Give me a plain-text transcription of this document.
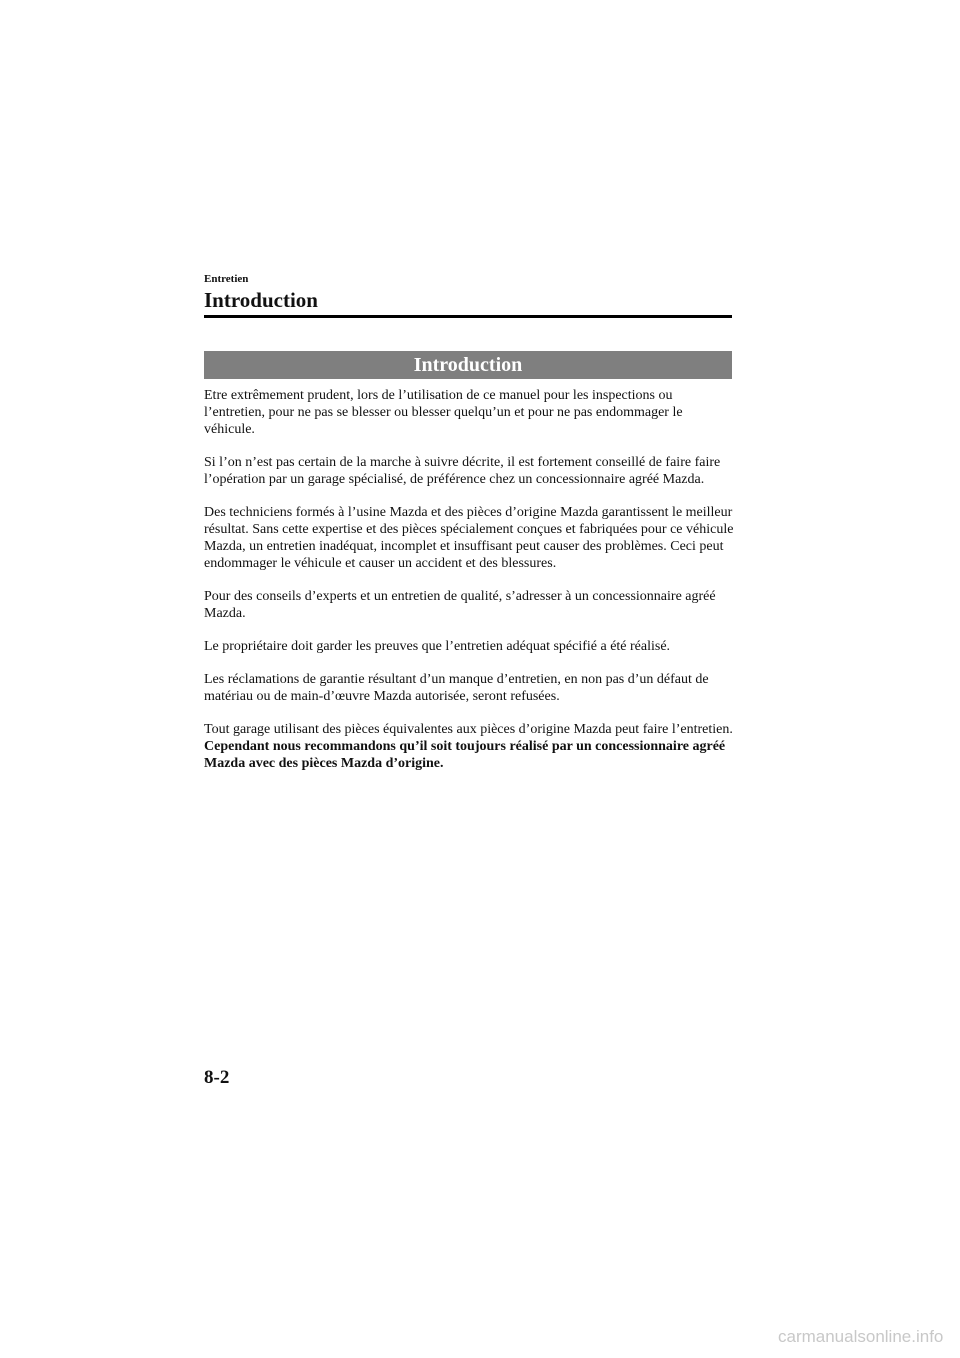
Entretien
Introduction
Introduction

Etre extrêmement prudent, lors de l’utilisation de ce manuel pour les inspections ou l’entretien, pour ne pas se blesser ou blesser quelqu’un et pour ne pas endommager le véhicule.

Si l’on n’est pas certain de la marche à suivre décrite, il est fortement conseillé de faire faire l’opération par un garage spécialisé, de préférence chez un concessionnaire agréé Mazda.

Des techniciens formés à l’usine Mazda et des pièces d’origine Mazda garantissent le meilleur résultat. Sans cette expertise et des pièces spécialement conçues et fabriquées pour ce véhicule Mazda, un entretien inadéquat, incomplet et insuffisant peut causer des problèmes. Ceci peut endommager le véhicule et causer un accident et des blessures.

Pour des conseils d’experts et un entretien de qualité, s’adresser à un concessionnaire agréé Mazda.

Le propriétaire doit garder les preuves que l’entretien adéquat spécifié a été réalisé.

Les réclamations de garantie résultant d’un manque d’entretien, en non pas d’un défaut de matériau ou de main-d’œuvre Mazda autorisée, seront refusées.

Tout garage utilisant des pièces équivalentes aux pièces d’origine Mazda peut faire l’entretien. Cependant nous recommandons qu’il soit toujours réalisé par un concessionnaire agréé Mazda avec des pièces Mazda d’origine.

8-2
carmanualsonline.info
